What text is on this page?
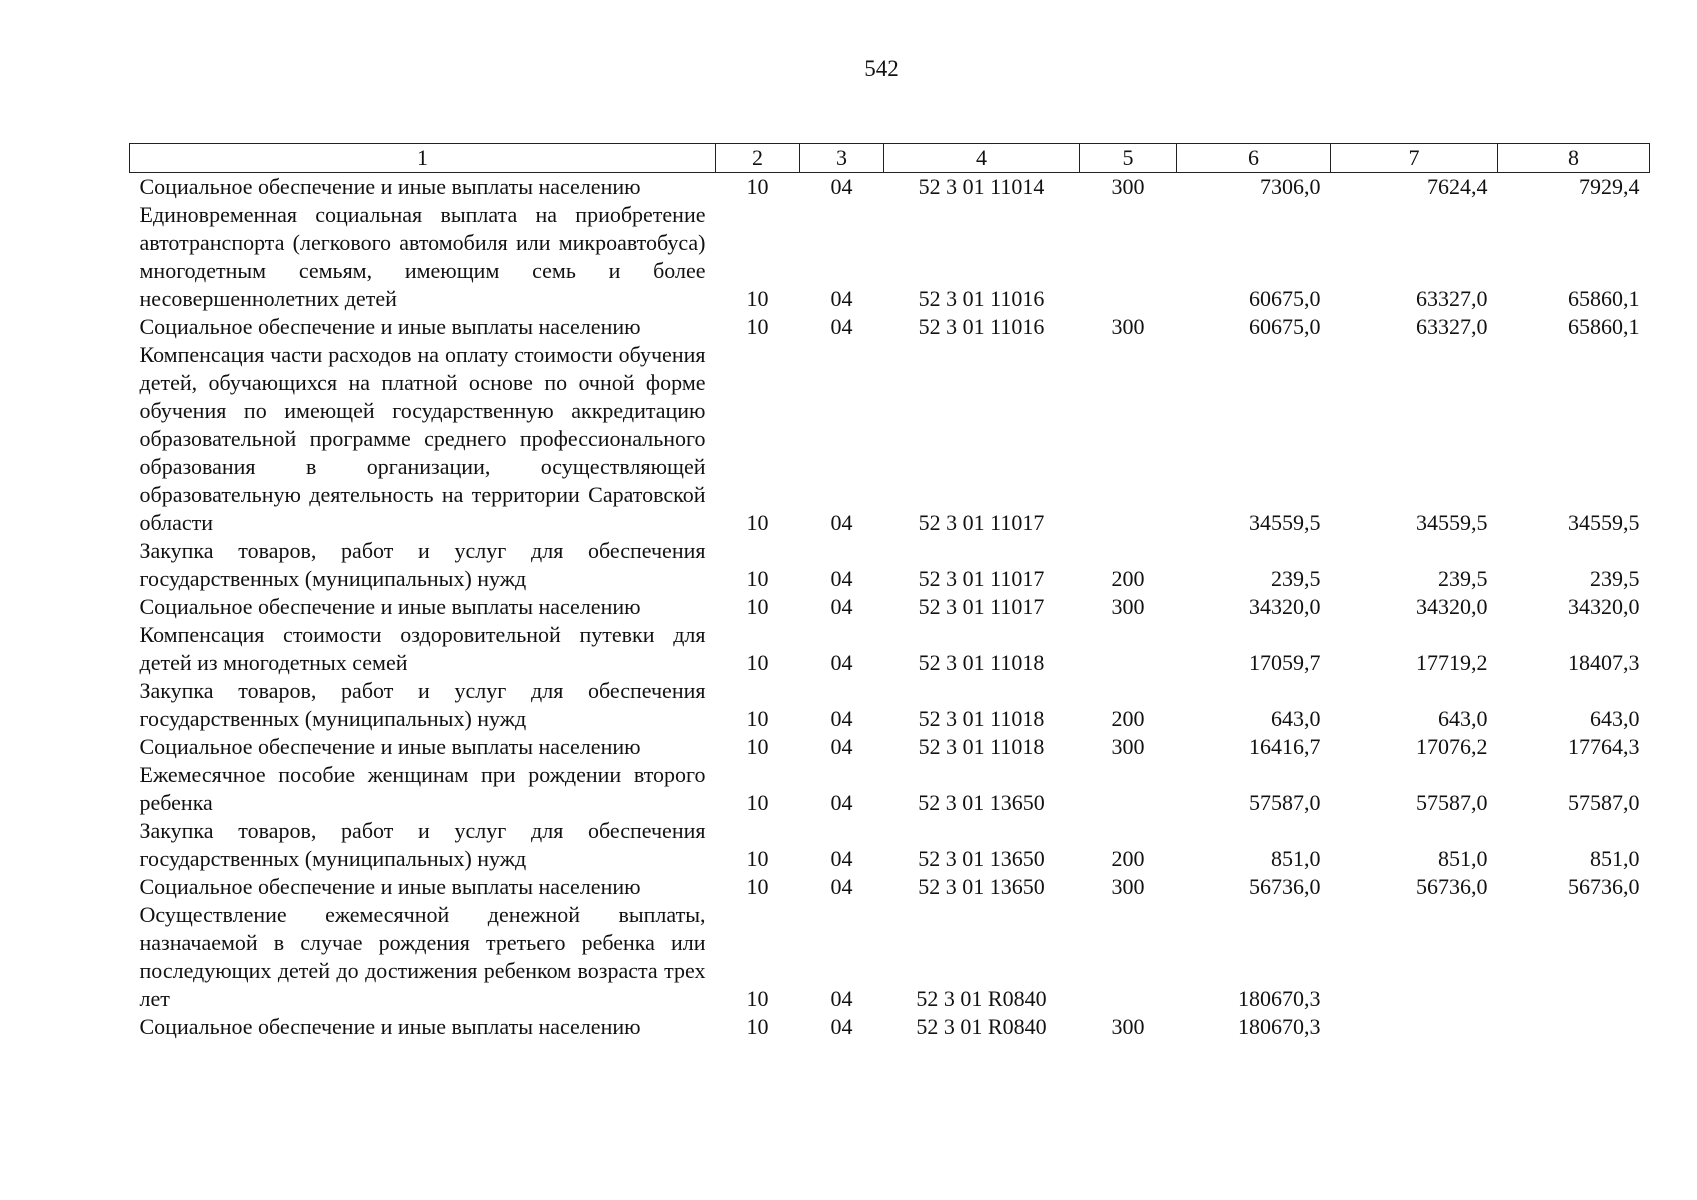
542
1	2	3	4	5	6	7	8
Социальное обеспечение и иные выплаты населению	10	04	52 3 01 11014	300	7306,0	7624,4	7929,4
Единовременная социальная выплата на приобретение автотранспорта (легкового автомобиля или микроавтобуса) многодетным семьям, имеющим семь и более несовершеннолетних детей	10	04	52 3 01 11016		60675,0	63327,0	65860,1
Социальное обеспечение и иные выплаты населению	10	04	52 3 01 11016	300	60675,0	63327,0	65860,1
Компенсация части расходов на оплату стоимости обучения детей, обучающихся на платной основе по очной форме обучения по имеющей государственную аккредитацию образовательной программе среднего профессионального образования в организации, осуществляющей образовательную деятельность на территории Саратовской области	10	04	52 3 01 11017		34559,5	34559,5	34559,5
Закупка товаров, работ и услуг для обеспечения государственных (муниципальных) нужд	10	04	52 3 01 11017	200	239,5	239,5	239,5
Социальное обеспечение и иные выплаты населению	10	04	52 3 01 11017	300	34320,0	34320,0	34320,0
Компенсация стоимости оздоровительной путевки для детей из многодетных семей	10	04	52 3 01 11018		17059,7	17719,2	18407,3
Закупка товаров, работ и услуг для обеспечения государственных (муниципальных) нужд	10	04	52 3 01 11018	200	643,0	643,0	643,0
Социальное обеспечение и иные выплаты населению	10	04	52 3 01 11018	300	16416,7	17076,2	17764,3
Ежемесячное пособие женщинам при рождении второго ребенка	10	04	52 3 01 13650		57587,0	57587,0	57587,0
Закупка товаров, работ и услуг для обеспечения государственных (муниципальных) нужд	10	04	52 3 01 13650	200	851,0	851,0	851,0
Социальное обеспечение и иные выплаты населению	10	04	52 3 01 13650	300	56736,0	56736,0	56736,0
Осуществление ежемесячной денежной выплаты, назначаемой в случае рождения третьего ребенка или последующих детей до достижения ребенком возраста трех лет	10	04	52 3 01 R0840		180670,3		
Социальное обеспечение и иные выплаты населению	10	04	52 3 01 R0840	300	180670,3		
